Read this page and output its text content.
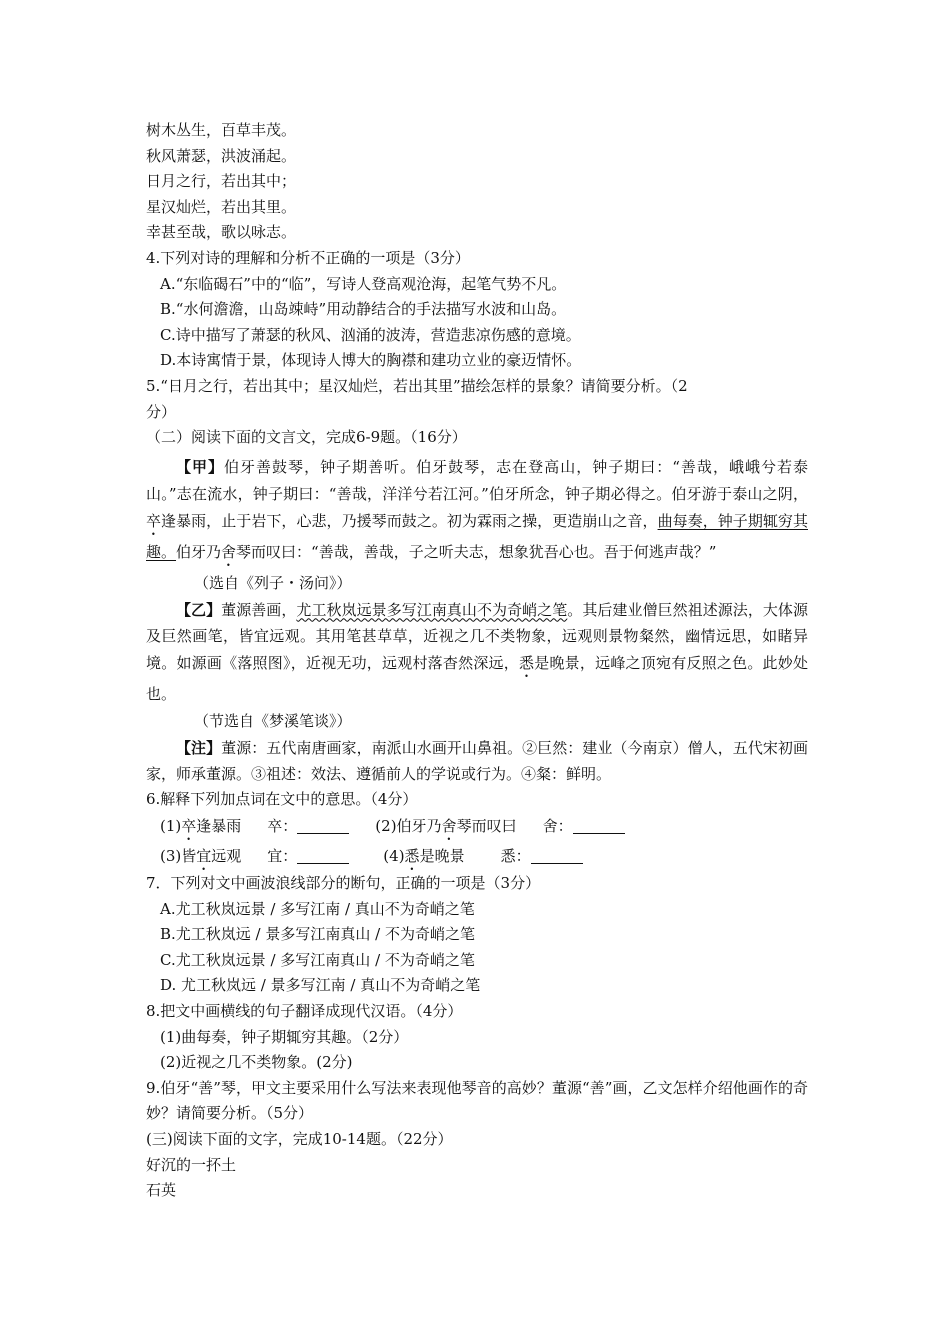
树木丛生，百草丰茂。
秋风萧瑟，洪波涌起。
日月之行，若出其中；
星汉灿烂，若出其里。
幸甚至哉，歌以咏志。
4.下列对诗的理解和分析不正确的一项是（3分）
A.“东临碣石”中的“临”，写诗人登高观沧海，起笔气势不凡。
B.“水何澹澹，山岛竦峙”用动静结合的手法描写水波和山岛。
C.诗中描写了萧瑟的秋风、汹涌的波涛，营造悲凉伤感的意境。
D.本诗寓情于景，体现诗人博大的胸襟和建功立业的豪迈情怀。
5.“日月之行，若出其中；星汉灿烂，若出其里”描绘怎样的景象？请简要分析。（2
分）
（二）阅读下面的文言文，完成6-9题。（16分）
【甲】伯牙善鼓琴，钟子期善听。伯牙鼓琴，志在登高山，钟子期曰：“善哉，峨峨兮若泰山。”志在流水，钟子期曰：“善哉，洋洋兮若江河。”伯牙所念，钟子期必得之。伯牙游于泰山之阴，卒逢暴雨，止于岩下，心悲，乃援琴而鼓之。初为霖雨之操，更造崩山之音，曲每奏，钟子期辄穷其趣。伯牙乃舍琴而叹曰：“善哉，善哉，子之听夫志，想象犹吾心也。吾于何逃声哉？”
（选自《列子・汤问》）
【乙】董源善画，尤工秋岚远景多写江南真山不为奇峭之笔。其后建业僧巨然祖述源法，大体源及巨然画笔，皆宜远观。其用笔甚草草，近视之几不类物象，远观则景物粲然，幽情远思，如睹异境。如源画《落照图》，近视无功，远观村落杳然深远，悉是晚景，远峰之顶宛有反照之色。此妙处也。
（节选自《梦溪笔谈》）
【注】董源：五代南唐画家，南派山水画开山鼻祖。②巨然：建业（今南京）僧人，五代宋初画家，师承董源。③祖述：效法、遵循前人的学说或行为。④粲：鲜明。
6.解释下列加点词在文中的意思。（4分）
(1)卒逢暴雨 卒：	(2)伯牙乃舍琴而叹曰 舍：
(3)皆宜远观 宜：	(4)悉是晚景 悉：
7．下列对文中画波浪线部分的断句，正确的一项是（3分）
A.尤工秋岚远景 / 多写江南 / 真山不为奇峭之笔
B.尤工秋岚远 / 景多写江南真山 / 不为奇峭之笔
C.尤工秋岚远景 / 多写江南真山 / 不为奇峭之笔
D. 尤工秋岚远 / 景多写江南 / 真山不为奇峭之笔
8.把文中画横线的句子翻译成现代汉语。（4分）
(1)曲每奏，钟子期辄穷其趣。（2分）
(2)近视之几不类物象。(2分)
9.伯牙“善”琴，甲文主要采用什么写法来表现他琴音的高妙？董源“善”画，乙文怎样介绍他画作的奇妙？请简要分析。（5分）
(三)阅读下面的文字，完成10-14题。（22分）
好沉的一抔土
石英
